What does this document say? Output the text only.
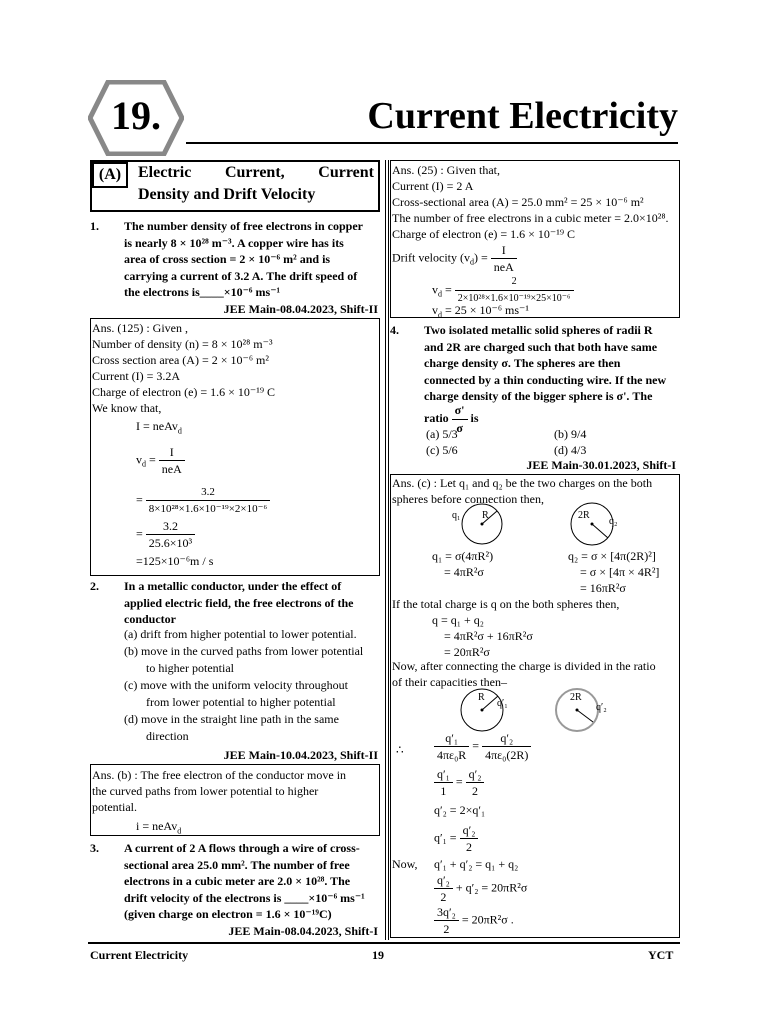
19.	Current Electricity
(A)	Electric Current, Current
Density and Drift Velocity
1. The number density of free electrons in copper
is nearly 8 × 10²⁸ m⁻³. A copper wire has its
area of cross section = 2 × 10⁻⁶ m² and is
carrying a current of 3.2 A. The drift speed of
the electrons is____×10⁻⁶ ms⁻¹
JEE Main-08.04.2023, Shift-II
Ans. (125) : Given ,
Number of density (n) = 8 × 10²⁸ m⁻³
Cross section area (A) = 2 × 10⁻⁶ m²
Current (I) = 3.2A
Charge of electron (e) = 1.6 × 10⁻¹⁹ C
We know that,
I = neAv$_d$
$v_d = \frac{I}{\text{neA}}$
= $\frac{3.2}{\text{8×10²⁸×1.6×10⁻¹⁹×2×10⁻⁶}}$
= $\frac{3.2}{\text{25.6×10³}}$
=125×10⁻⁶m / s
2. In a metallic conductor, under the effect of
applied electric field, the free electrons of the
conductor
(a) drift from higher potential to lower potential.
(b) move in the curved paths from lower potential
to higher potential
(c) move with the uniform velocity throughout
from lower potential to higher potential
(d) move in the straight line path in the same
direction
JEE Main-10.04.2023, Shift-II
Ans. (b) : The free electron of the conductor move in
the curved paths from lower potential to higher
potential.
i = neAv$_d$
3. A current of 2 A flows through a wire of cross-
sectional area 25.0 mm². The number of free
electrons in a cubic meter are 2.0 × 10²⁸. The
drift velocity of the electrons is ____×10⁻⁶ ms⁻¹
(given charge on electron = 1.6 × 10⁻¹⁹C)
JEE Main-08.04.2023, Shift-I
Ans. (25) : Given that,
Current (I) = 2 A
Cross-sectional area (A) = 25.0 mm² = 25 × 10⁻⁶ m²
The number of free electrons in a cubic meter = 2.0×10²⁸.
Charge of electron (e) = 1.6 × 10⁻¹⁹ C
Drift velocity $(v_d) = \frac{I}{\text{neA}}$
$v_d = \frac{2}{\text{2×10²⁸×1.6×10⁻¹⁹×25×10⁻⁶}}$
$v_d = 25 \times 10^{-6}$ ms⁻¹
4. Two isolated metallic solid spheres of radii R
and 2R are charged such that both have same
charge density σ. The spheres are then
connected by a thin conducting wire. If the new
charge density of the bigger sphere is σ'. The
ratio $\frac{\sigma'}{\sigma}$ is
(a) 5/3	(b) 9/4
(c) 5/6	(d) 4/3
JEE Main-30.01.2023, Shift-I
Ans. (c) : Let q₁ and q₂ be the two charges on the both
spheres before connection then,
q₁ R	2R
q₂
q₁ = σ(4πR²)
= 4πR²σ
q₂ = σ × [4π(2R)²]
= σ × [4π × 4R²]
= 16πR²σ
If the total charge is q on the both spheres then,
q = q₁ + q₂
= 4πR²σ + 16πR²σ
= 20πR²σ
Now, after connecting the charge is divided in the ratio
of their capacities then–
R
q′₁
2R
q′₂
∴	$\frac{\text{q′₁}}{\text{4πε₀R}} = \frac{\text{q′₂}}{\text{4πε₀(2R)}}$
$\frac{\text{q′₁}}{1} = \frac{\text{q′₂}}{2}$
q′₂ = 2×q′₁
$q'_1 = \frac{\text{q′₂}}{2}$
Now, q′₁ + q′₂ = q₁ + q₂
$\frac{\text{q′₂}}{2} + q'_2 = 20\pi R^2\sigma$
$\frac{\text{3q′₂}}{2} = 20\pi R^2\sigma$ .
Current Electricity	19	YCT
